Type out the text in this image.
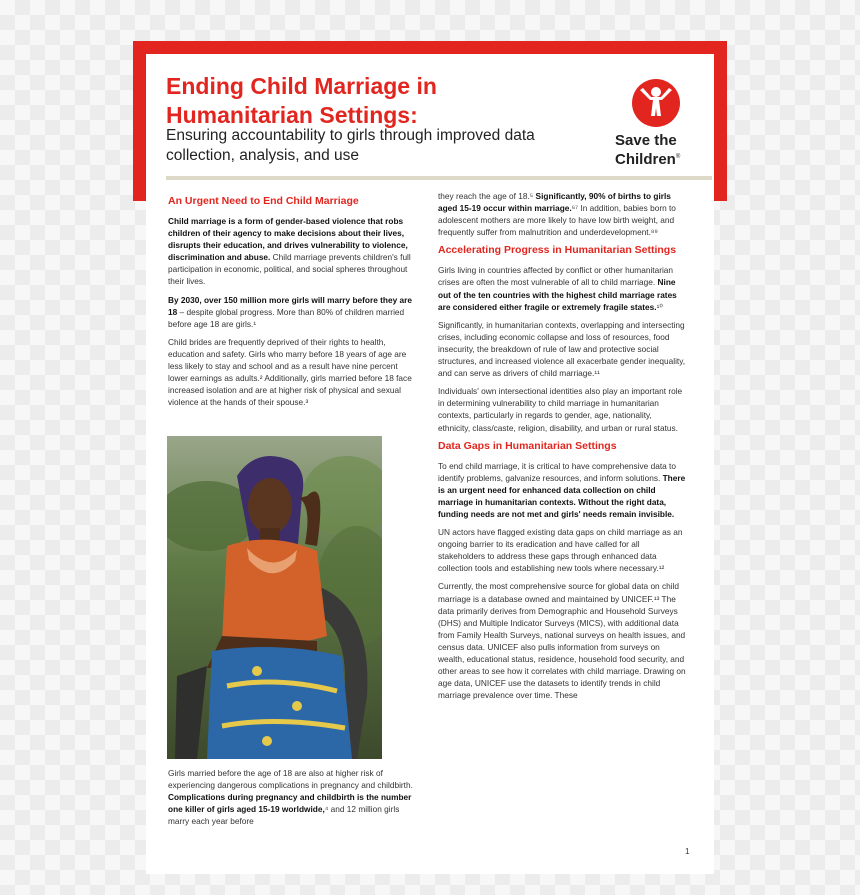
Ending Child Marriage in Humanitarian Settings:

Ensuring accountability to girls through improved data collection, analysis, and use

Save the
Children®
An Urgent Need to End Child Marriage

Child marriage is a form of gender-based violence that robs children of their agency to make decisions about their lives, disrupts their education, and drives vulnerability to violence, discrimination and abuse. Child marriage prevents children's full participation in economic, political, and social spheres throughout their lives.

By 2030, over 150 million more girls will marry before they are 18 – despite global progress. More than 80% of children married before age 18 are girls.¹

Child brides are frequently deprived of their rights to health, education and safety. Girls who marry before 18 years of age are less likely to stay and school and as a result have nine percent lower earnings as adults.² Additionally, girls married before 18 face increased isolation and are at higher risk of physical and sexual violence at the hands of their spouse.³

Girls married before the age of 18 are also at higher risk of experiencing dangerous complications in pregnancy and childbirth. Complications during pregnancy and childbirth is the number one killer of girls aged 15-19 worldwide,⁴ and 12 million girls marry each year before

they reach the age of 18.⁵ Significantly, 90% of births to girls aged 15-19 occur within marriage.⁶⁷ In addition, babies born to adolescent mothers are more likely to have low birth weight, and frequently suffer from malnutrition and underdevelopment.⁸⁹

Accelerating Progress in Humanitarian Settings

Girls living in countries affected by conflict or other humanitarian crises are often the most vulnerable of all to child marriage. Nine out of the ten countries with the highest child marriage rates are considered either fragile or extremely fragile states.¹⁰

Significantly, in humanitarian contexts, overlapping and intersecting crises, including economic collapse and loss of resources, food insecurity, the breakdown of rule of law and protective social structures, and increased violence all exacerbate gender inequality, and can serve as drivers of child marriage.¹¹

Individuals' own intersectional identities also play an important role in determining vulnerability to child marriage in humanitarian contexts, particularly in regards to gender, age, nationality, ethnicity, class/caste, religion, disability, and urban or rural status.

Data Gaps in Humanitarian Settings

To end child marriage, it is critical to have comprehensive data to identify problems, galvanize resources, and inform solutions. There is an urgent need for enhanced data collection on child marriage in humanitarian contexts. Without the right data, funding needs are not met and girls' needs remain invisible.

UN actors have flagged existing data gaps on child marriage as an ongoing barrier to its eradication and have called for all stakeholders to address these gaps through enhanced data collection tools and establishing new tools where necessary.¹²

Currently, the most comprehensive source for global data on child marriage is a database owned and maintained by UNICEF.¹³ The data primarily derives from Demographic and Household Surveys (DHS) and Multiple Indicator Surveys (MICS), with additional data from Family Health Surveys, national surveys on health issues, and census data. UNICEF also pulls information from surveys on wealth, educational status, residence, household food security, and other areas to see how it correlates with child marriage. Drawing on age data, UNICEF use the datasets to identify trends in child marriage prevalence over time. These

1
